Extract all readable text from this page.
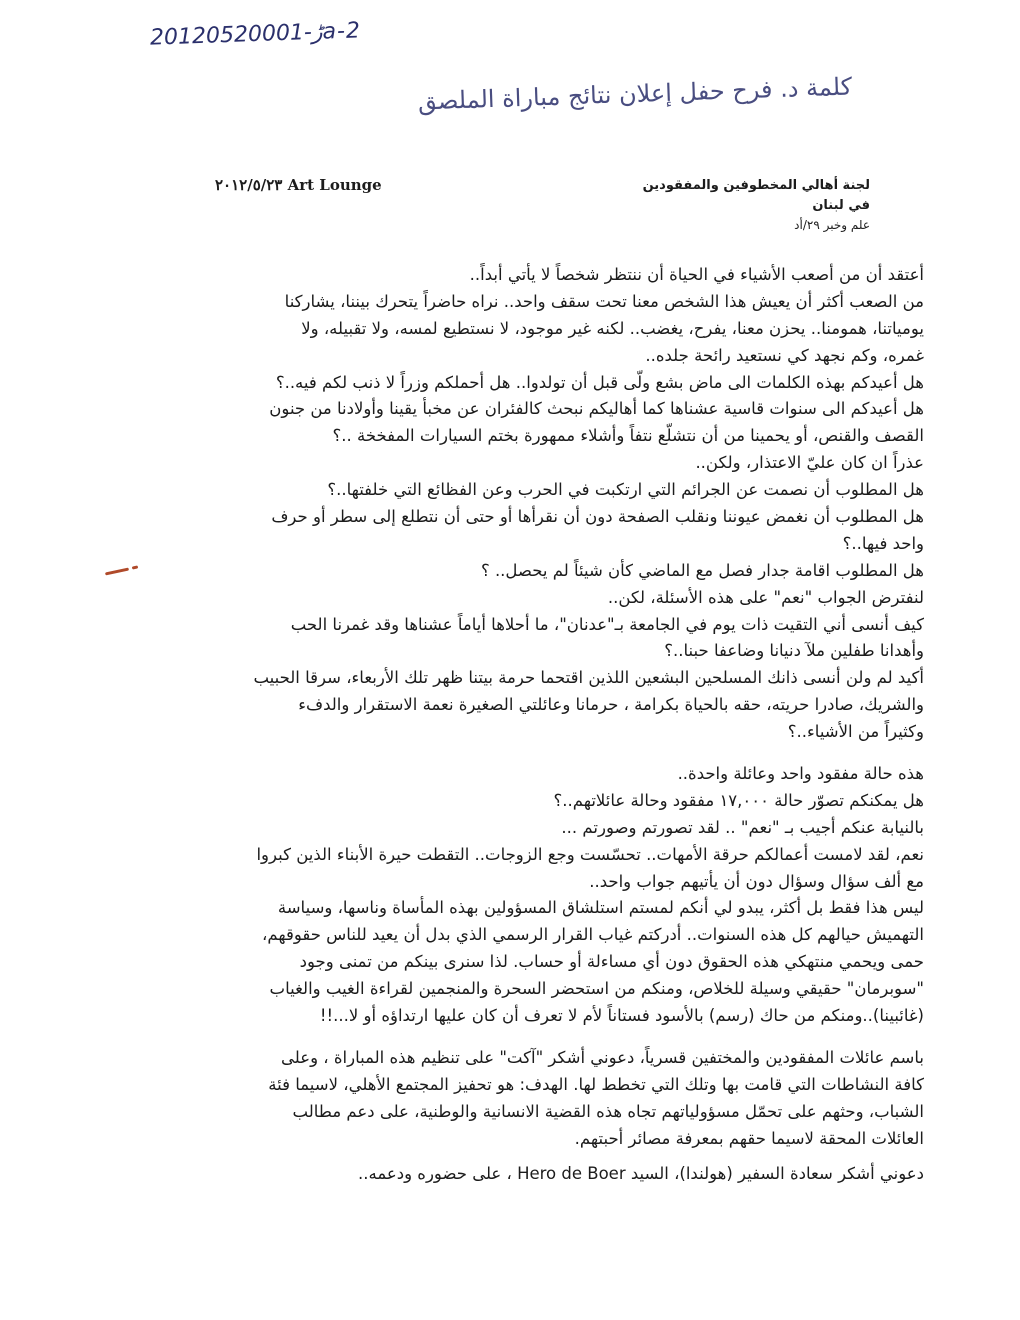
2012052ڑ-0001a-2
كلمة د. فرح حفل إعلان نتائج مباراة الملصق
٢٠١٢/٥/٢٣ Art Lounge	لجنة أهالي المخطوفين والمفقودين
في لبنان
علم وخبر ٢٩/أد
أعتقد أن من أصعب الأشياء في الحياة أن ننتظر شخصاً لا يأتي أبداً..
من الصعب أكثر أن يعيش هذا الشخص معنا تحت سقف واحد.. نراه حاضراً يتحرك بيننا، يشاركنا
يومياتنا، همومنا.. يحزن معنا، يفرح، يغضب.. لكنه غير موجود، لا نستطيع لمسه، ولا تقبيله، ولا
غمره، وكم نجهد كي نستعيد رائحة جلده..
هل أعيدكم بهذه الكلمات الى ماض بشع ولّى قبل أن تولدوا.. هل أحملكم وزراً لا ذنب لكم فيه..؟
هل أعيدكم الى سنوات قاسية عشناها كما أهاليكم نبحث كالفئران عن مخبأ يقينا وأولادنا من جنون
القصف والقنص، أو يحمينا من أن نتشلّع نتفاً وأشلاء ممهورة بختم السيارات المفخخة ..؟
عذراً ان كان عليّ الاعتذار، ولكن..
هل المطلوب أن نصمت عن الجرائم التي ارتكبت في الحرب وعن الفظائع التي خلفتها..؟
هل المطلوب أن نغمض عيوننا ونقلب الصفحة دون أن نقرأها أو حتى أن نتطلع إلى سطر أو حرف
واحد فيها..؟
هل المطلوب اقامة جدار فصل مع الماضي كأن شيئاً لم يحصل.. ؟
لنفترض الجواب "نعم" على هذه الأسئلة، لكن..
كيف أنسى أني التقيت ذات يوم في الجامعة بـ"عدنان"، ما أحلاها أياماً عشناها وقد غمرنا الحب
وأهدانا طفلين ملآ دنيانا وضاعفا حبنا..؟
أكيد لم ولن أنسى ذانك المسلحين البشعين اللذين اقتحما حرمة بيتنا ظهر تلك الأربعاء، سرقا الحبيب
والشريك، صادرا حريته، حقه بالحياة بكرامة ، حرمانا وعائلتي الصغيرة نعمة الاستقرار والدفء
وكثيراً من الأشياء..؟
هذه حالة مفقود واحد وعائلة واحدة..
هل يمكنكم تصوّر حالة ١٧,٠٠٠ مفقود وحالة عائلاتهم..؟
بالنيابة عنكم أجيب بـ "نعم" .. لقد تصورتم وصورتم ...
نعم، لقد لامست أعمالكم حرقة الأمهات.. تحسّست وجع الزوجات.. التقطت حيرة الأبناء الذين كبروا
مع ألف سؤال وسؤال دون أن يأتيهم جواب واحد..
ليس هذا فقط بل أكثر، يبدو لي أنكم لمستم استلشاق المسؤولين بهذه المأساة وناسها، وسياسة
التهميش حيالهم كل هذه السنوات.. أدركتم غياب القرار الرسمي الذي بدل أن يعيد للناس حقوقهم،
حمى ويحمي منتهكي هذه الحقوق دون أي مساءلة أو حساب. لذا سنرى بينكم من تمنى وجود
"سوبرمان" حقيقي وسيلة للخلاص، ومنكم من استحضر السحرة والمنجمين لقراءة الغيب والغياب
(غائبينا)..ومنكم من حاك (رسم) بالأسود فستاناً لأم لا تعرف أن كان عليها ارتداؤه أو لا...!!
باسم عائلات المفقودين والمختفين قسرياً، دعوني أشكر "آكت" على تنظيم هذه المباراة ، وعلى
كافة النشاطات التي قامت بها وتلك التي تخطط لها. الهدف: هو تحفيز المجتمع الأهلي، لاسيما فئة
الشباب، وحثهم على تحمّل مسؤولياتهم تجاه هذه القضية الانسانية والوطنية، على دعم مطالب
العائلات المحقة لاسيما حقهم بمعرفة مصائر أحبتهم.
دعوني أشكر سعادة السفير (هولندا)، السيد Hero de Boer ، على حضوره ودعمه..
